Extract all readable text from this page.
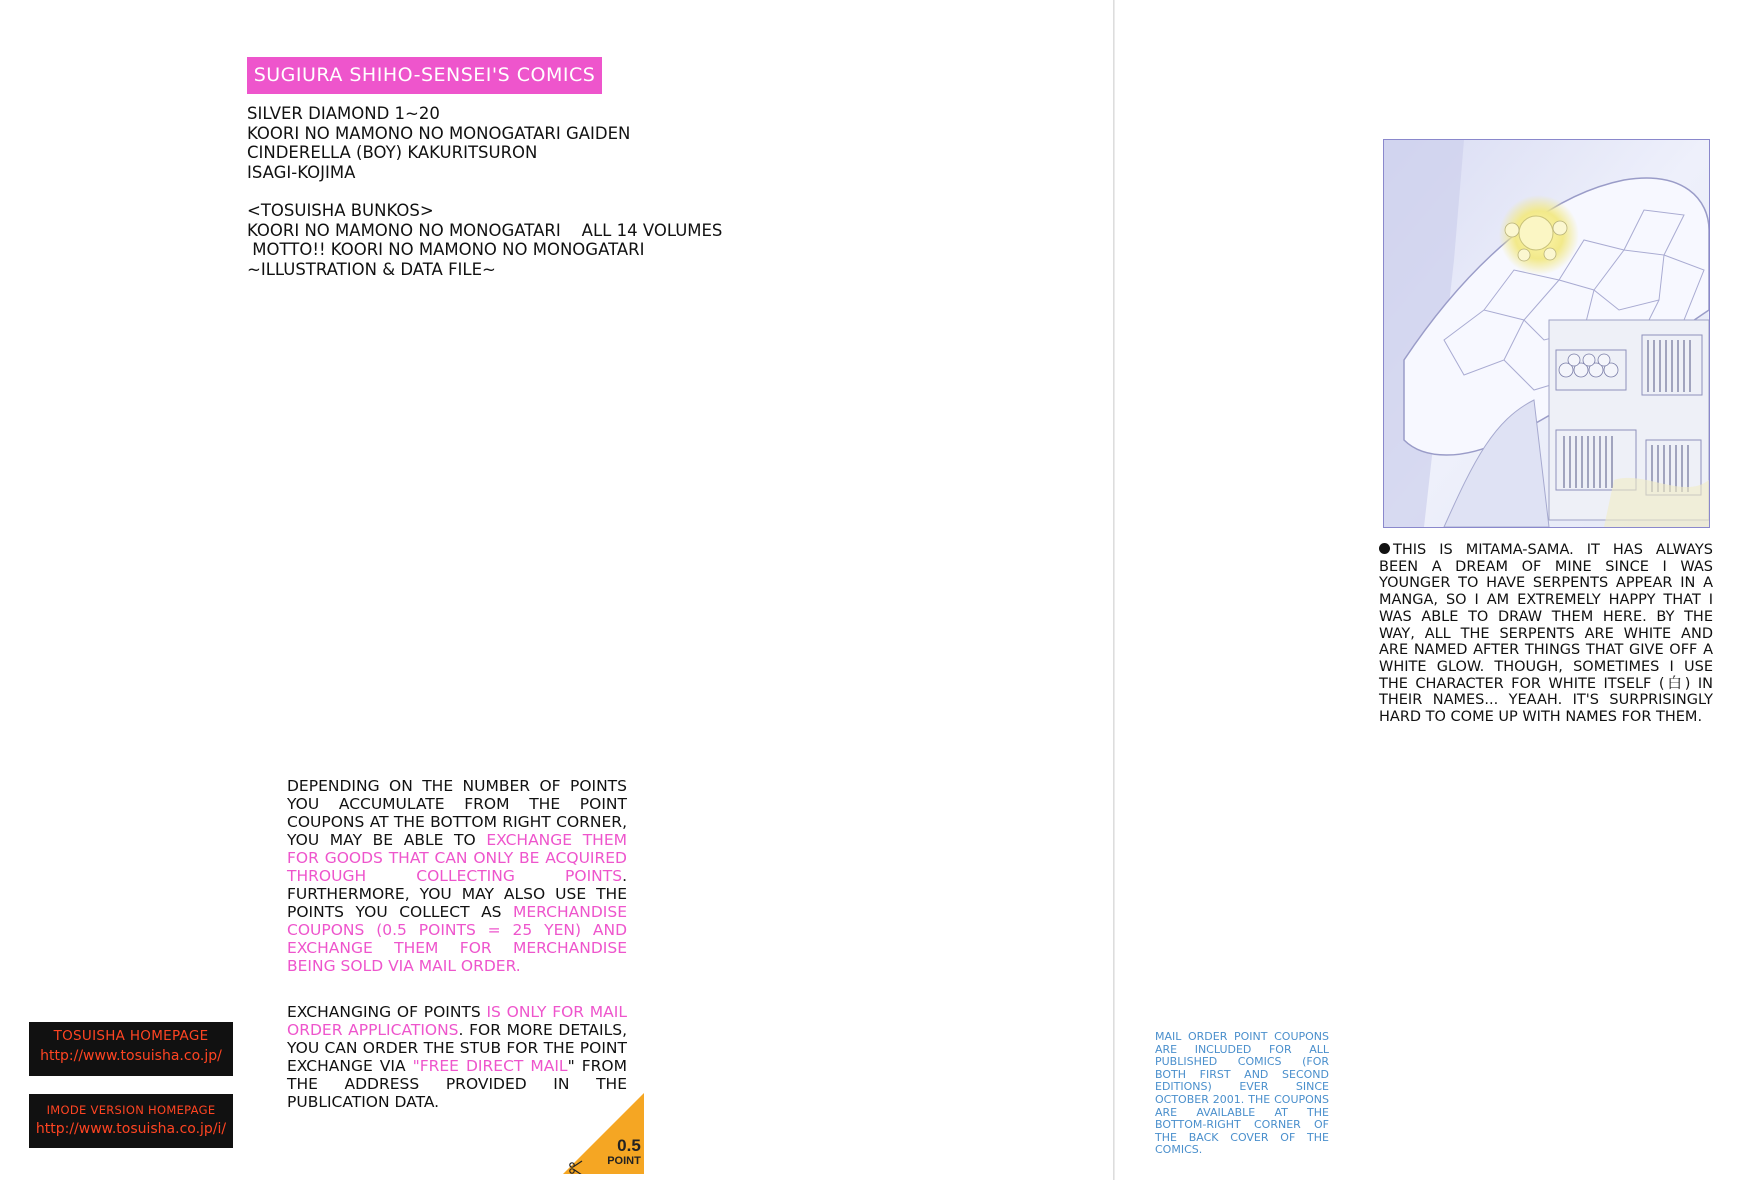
SUGIURA SHIHO-SENSEI'S COMICS
SILVER DIAMOND 1~20
KOORI NO MAMONO NO MONOGATARI GAIDEN
CINDERELLA (BOY) KAKURITSURON
ISAGI-KOJIMA
<TOSUISHA BUNKOS>
KOORI NO MAMONO NO MONOGATARI    ALL 14 VOLUMES
MOTTO!! KOORI NO MAMONO NO MONOGATARI
~ILLUSTRATION & DATA FILE~
DEPENDING ON THE NUMBER OF POINTS YOU ACCUMULATE FROM THE POINT COUPONS AT THE BOTTOM RIGHT CORNER, YOU MAY BE ABLE TO EXCHANGE THEM FOR GOODS THAT CAN ONLY BE ACQUIRED THROUGH COLLECTING POINTS. FURTHERMORE, YOU MAY ALSO USE THE POINTS YOU COLLECT AS MERCHANDISE COUPONS (0.5 POINTS = 25 YEN) AND EXCHANGE THEM FOR MERCHANDISE BEING SOLD VIA MAIL ORDER.
EXCHANGING OF POINTS IS ONLY FOR MAIL ORDER APPLICATIONS. FOR MORE DETAILS, YOU CAN ORDER THE STUB FOR THE POINT EXCHANGE VIA "FREE DIRECT MAIL" FROM THE ADDRESS PROVIDED IN THE PUBLICATION DATA.
0.5
POINT
TOSUISHA HOMEPAGE
http://www.tosuisha.co.jp/
IMODE VERSION HOMEPAGE
http://www.tosuisha.co.jp/i/
THIS IS MITAMA-SAMA. IT HAS ALWAYS BEEN A DREAM OF MINE SINCE I WAS YOUNGER TO HAVE SERPENTS APPEAR IN A MANGA, SO I AM EXTREMELY HAPPY THAT I WAS ABLE TO DRAW THEM HERE. BY THE WAY, ALL THE SERPENTS ARE WHITE AND ARE NAMED AFTER THINGS THAT GIVE OFF A WHITE GLOW. THOUGH, SOMETIMES I USE THE CHARACTER FOR WHITE ITSELF (白) IN THEIR NAMES... YEAAH. IT'S SURPRISINGLY HARD TO COME UP WITH NAMES FOR THEM.
MAIL ORDER POINT COUPONS ARE INCLUDED FOR ALL PUBLISHED COMICS (FOR BOTH FIRST AND SECOND EDITIONS) EVER SINCE OCTOBER 2001. THE COUPONS ARE AVAILABLE AT THE BOTTOM-RIGHT CORNER OF THE BACK COVER OF THE COMICS.
